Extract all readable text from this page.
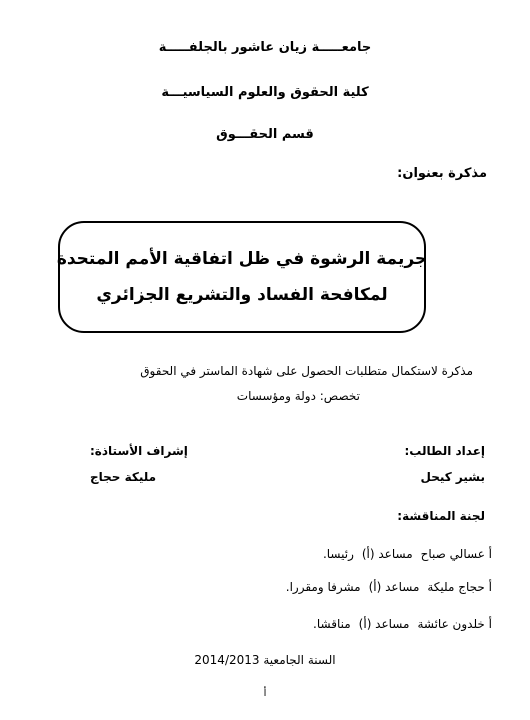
جامعـــــة زيان عاشور بالجلفـــــة
كلية الحقوق والعلوم السياسيـــة
قسم الحقـــوق
مذكرة بعنوان:
جريمة الرشوة في ظل اتفاقية الأمم المتحدة
لمكافحة الفساد والتشريع الجزائري
مذكرة لاستكمال متطلبات الحصول على شهادة الماستر في الحقوق
تخصص: دولة ومؤسسات
إعداد الطالب:
إشراف الأستاذة:
بشير كيحل
مليكة حجاج
لجنة المناقشة:
أ عسالي صباحمساعد (أ)رئيسا.
أ حجاج مليكةمساعد (أ)مشرفا ومقررا.
أ خلدون عائشةمساعد (أ)مناقشا.
السنة الجامعية 2014/2013
أ
